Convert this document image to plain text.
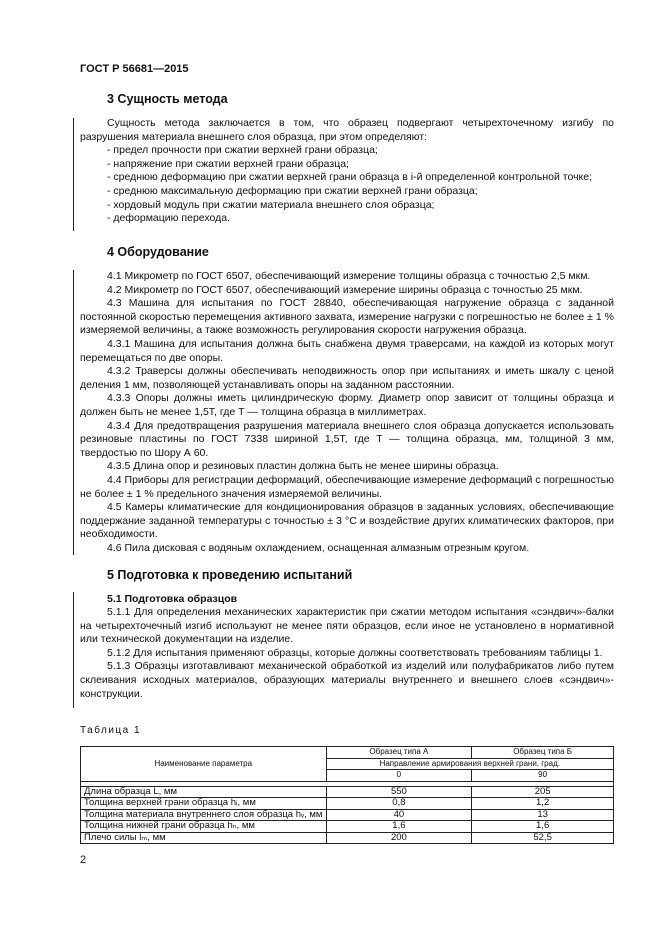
ГОСТ Р 56681—2015
3 Сущность метода

Сущность метода заключается в том, что образец подвергают четырехточечному изгибу по разрушения материала внешнего слоя образца, при этом определяют:

- предел прочности при сжатии верхней грани образца;

- напряжение при сжатии верхней грани образца;

- среднюю деформацию при сжатии верхней грани образца в i-й определенной контрольной точке;

- среднюю максимальную деформацию при сжатии верхней грани образца;

- хордовый модуль при сжатии материала внешнего слоя образца;

- деформацию перехода.

4 Оборудование

4.1 Микрометр по ГОСТ 6507, обеспечивающий измерение толщины образца с точностью 2,5 мкм.

4.2 Микрометр по ГОСТ 6507, обеспечивающий измерение ширины образца с точностью 25 мкм.

4.3 Машина для испытания по ГОСТ 28840, обеспечивающая нагружение образца с заданной постоянной скоростью перемещения активного захвата, измерение нагрузки с погрешностью не более ± 1 % измеряемой величины, а также возможность регулирования скорости нагружения образца.

4.3.1 Машина для испытания должна быть снабжена двумя траверсами, на каждой из которых могут перемещаться по две опоры.

4.3.2 Траверсы должны обеспечивать неподвижность опор при испытаниях и иметь шкалу с ценой деления 1 мм, позволяющей устанавливать опоры на заданном расстоянии.

4.3.3 Опоры должны иметь цилиндрическую форму. Диаметр опор зависит от толщины образца и должен быть не менее 1,5T, где T — толщина образца в миллиметрах.

4.3.4 Для предотвращения разрушения материала внешнего слоя образца допускается использовать резиновые пластины по ГОСТ 7338 шириной 1,5T, где T — толщина образца, мм, толщиной 3 мм, твердостью по Шору А 60.

4.3.5 Длина опор и резиновых пластин должна быть не менее ширины образца.

4.4 Приборы для регистрации деформаций, обеспечивающие измерение деформаций с погрешностью не более ± 1 % предельного значения измеряемой величины.

4.5 Камеры климатические для кондиционирования образцов в заданных условиях, обеспечивающие поддержание заданной температуры с точностью ± 3 °С и воздействие других климатических факторов, при необходимости.

4.6 Пила дисковая с водяным охлаждением, оснащенная алмазным отрезным кругом.

5 Подготовка к проведению испытаний
5.1 Подготовка образцов

5.1.1 Для определения механических характеристик при сжатии методом испытания «сэндвич»-балки на четырехточечный изгиб используют не менее пяти образцов, если иное не установлено в нормативной или технической документации на изделие.

5.1.2 Для испытания применяют образцы, которые должны соответствовать требованиям таблицы 1.

5.1.3 Образцы изготавливают механической обработкой из изделий или полуфабрикатов либо путем склеивания исходных материалов, образующих материалы внутреннего и внешнего слоев «сэндвич»-конструкции.

Таблица 1
Наименование параметра	Образец типа А	Образец типа Б
	Направление армирования верхней грани, град.	
	0	90

Длина образца L, мм	550	205
Толщина верхней грани образца hᵢ, мм	0,8	1,2
Толщина материала внутреннего слоя образца hᵥ, мм	40	13
Толщина нижней грани образца hₙ, мм	1,6	1,6
Плечо силы lₘ, мм	200	52,5
2
